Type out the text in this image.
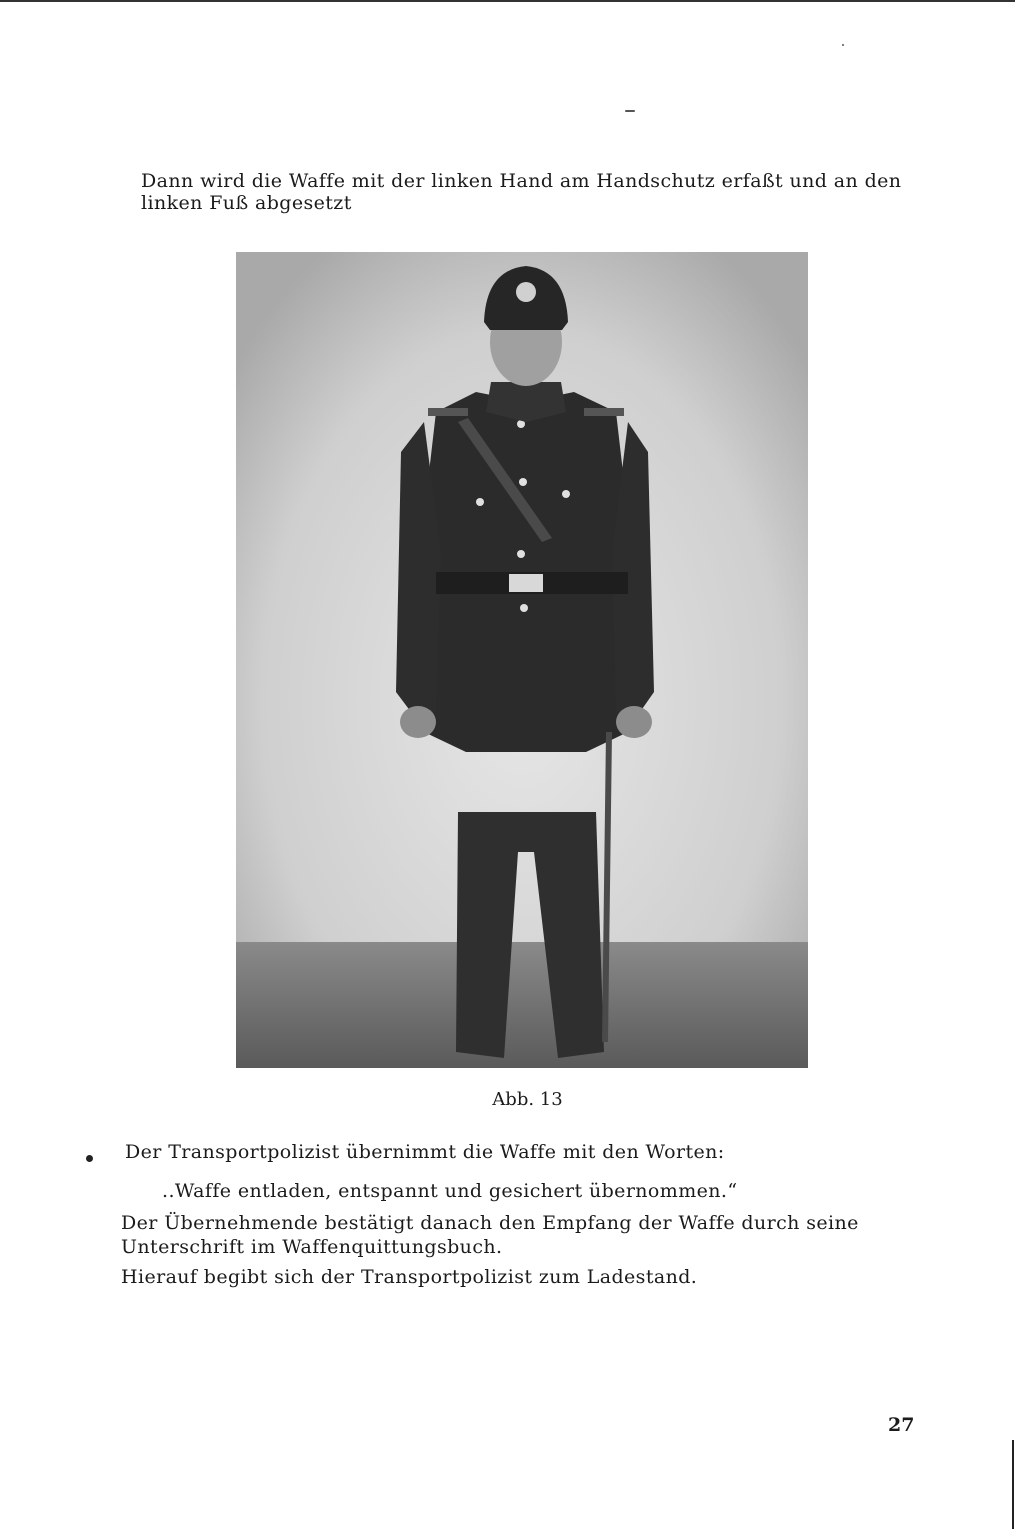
Dann wird die Waffe mit der linken Hand am Handschutz erfaßt und an den linken Fuß abgesetzt
Abb. 13
Der Transportpolizist übernimmt die Waffe mit den Worten:
..Waffe entladen, entspannt und gesichert übernommen.“
Der Übernehmende bestätigt danach den Empfang der Waffe durch seine Unterschrift im Waffenquittungsbuch.
Hierauf begibt sich der Transportpolizist zum Ladestand.
27
